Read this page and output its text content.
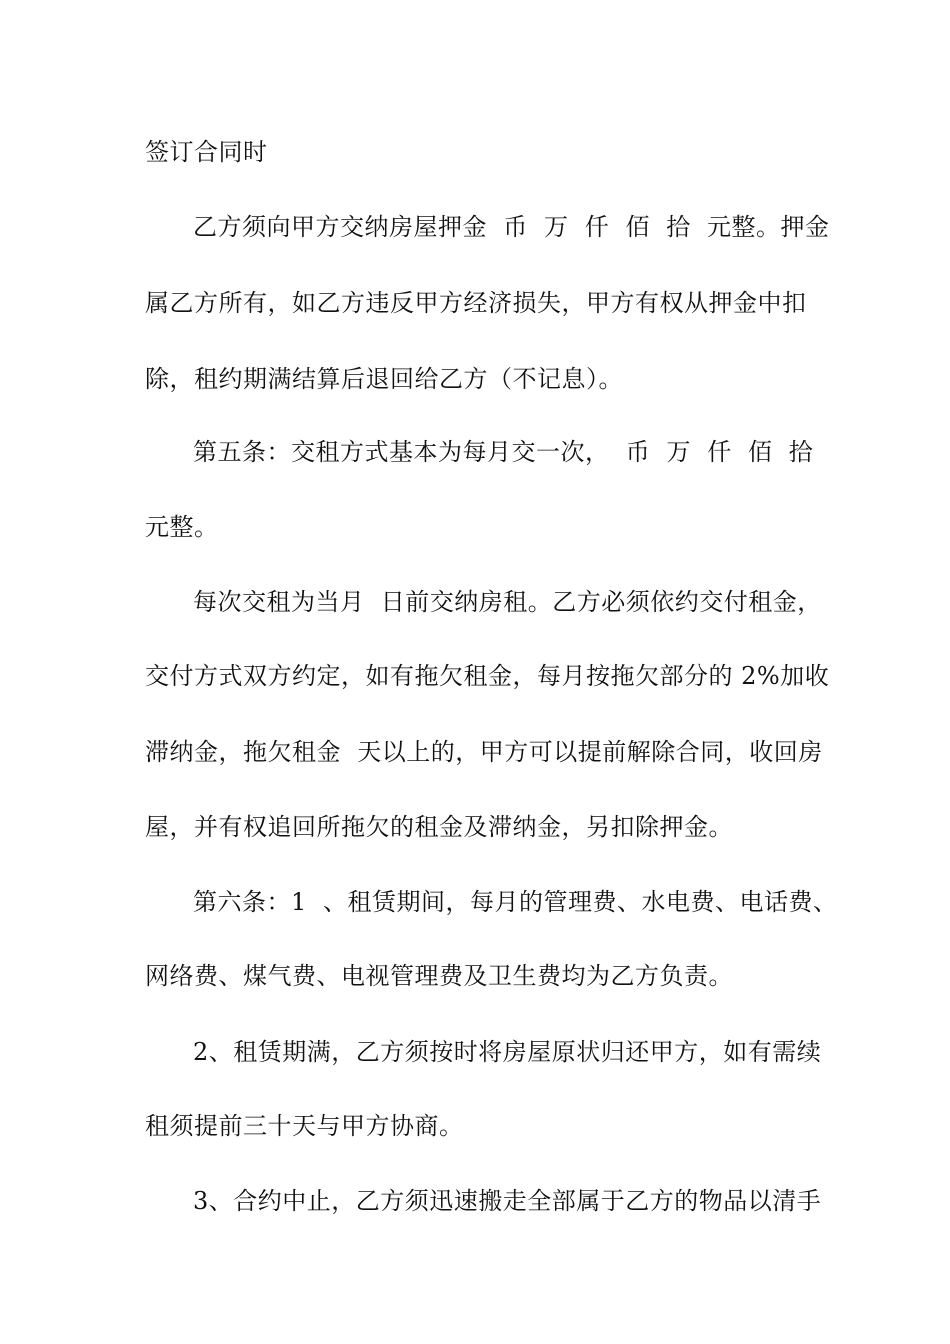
签订合同时
乙方须向甲方交纳房屋押金  币  万  仟  佰  拾  元整。押金
属乙方所有，如乙方违反甲方经济损失，甲方有权从押金中扣
除，租约期满结算后退回给乙方（不记息）。
第五条：交租方式基本为每月交一次，  币  万  仟  佰  拾
元整。
每次交租为当月  日前交纳房租。乙方必须依约交付租金，
交付方式双方约定，如有拖欠租金，每月按拖欠部分的 2%加收
滞纳金，拖欠租金  天以上的，甲方可以提前解除合同，收回房
屋，并有权追回所拖欠的租金及滞纳金，另扣除押金。
第六条：1  、租赁期间，每月的管理费、水电费、电话费、
网络费、煤气费、电视管理费及卫生费均为乙方负责。
2、租赁期满，乙方须按时将房屋原状归还甲方，如有需续
租须提前三十天与甲方协商。
3、合约中止，乙方须迅速搬走全部属于乙方的物品以清手
